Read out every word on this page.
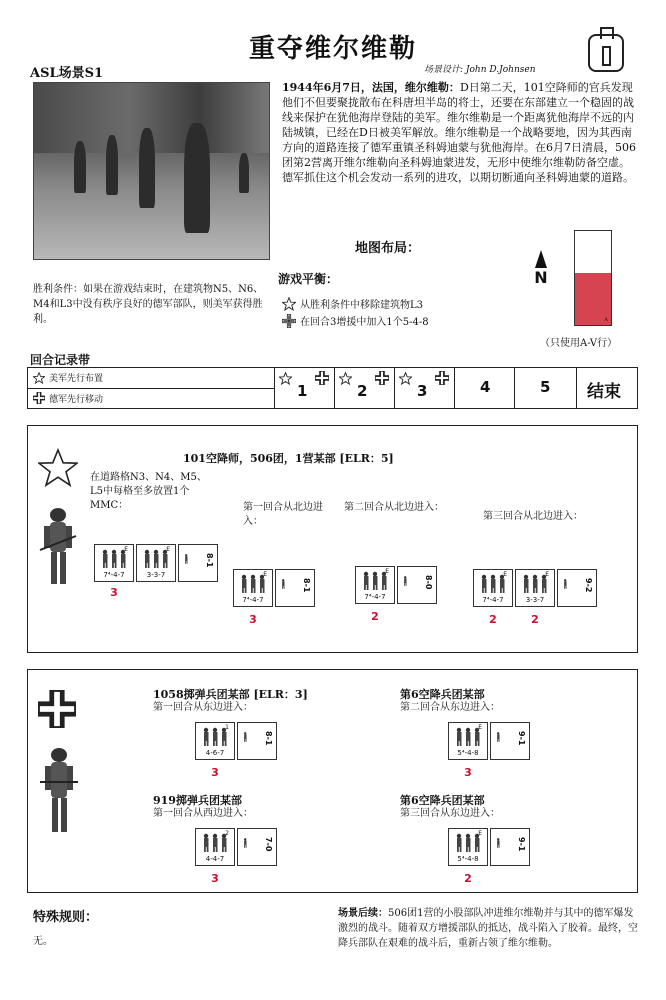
重夺维尔维勒
ASL场景S1	场景设计: John D.Johnsen
1944年6月7日，法国，维尔维勒：D日第二天，101空降师的官兵发现他们不但要聚拢散布在科唐坦半岛的将士，还要在东部建立一个稳固的战线来保护在犹他海岸登陆的美军。维尔维勒是一个距离犹他海岸不远的内陆城镇，已经在D日被美军解放。维尔维勒是一个战略要地，因为其西南方向的道路连接了德军重镇圣科姆迪蒙与犹他海岸。在6月7日清晨，506团第2营离开维尔维勒向圣科姆迪蒙进发，无形中使维尔维勒防备空虚。德军抓住这个机会发动一系列的进攻，以期切断通向圣科姆迪蒙的道路。
地图布局：
N
A
（只使用A-V行）
胜利条件：如果在游戏结束时，在建筑物N5、N6、M4和L3中没有秩序良好的德军部队，则美军获得胜利。
游戏平衡：
从胜利条件中移除建筑物L3
在回合3增援中加入1个5-4-8
回合记录带
美军先行布置
德军先行移动	1	2	3	4	5 结束
101空降师，506团，1营某部 [ELR：5]
在道路格N3、N4、M5、L5中每格至多放置1个MMC：	第一回合从北边进入：
第二回合从北边进入：
第三回合从北边进入：
E
7⁴-4-7
E
3-3-7
8-1
E
7⁴-4-7
8-1
E
7⁴-4-7
8-0
E
7⁴-4-7
E
3-3-7
9-2
3
3	2	2	2
1058掷弹兵团某部 [ELR：3]
第一回合从东边进入：
第6空降兵团某部
第二回合从东边进入：
919掷弹兵团某部
第一回合从西边进入：
第6空降兵团某部
第三回合从东边进入：
1
4-6-7
8-1
E
5⁴-4-8
9-1
2
4-4-7
7-0
E
5⁴-4-8
9-1
3	3
3	2
特殊规则：
无。
场景后续：506团1营的小股部队冲进维尔维勒并与其中的德军爆发激烈的战斗。随着双方增援部队的抵达，战斗陷入了胶着。最终，空降兵部队在艰难的战斗后，重新占领了维尔维勒。
